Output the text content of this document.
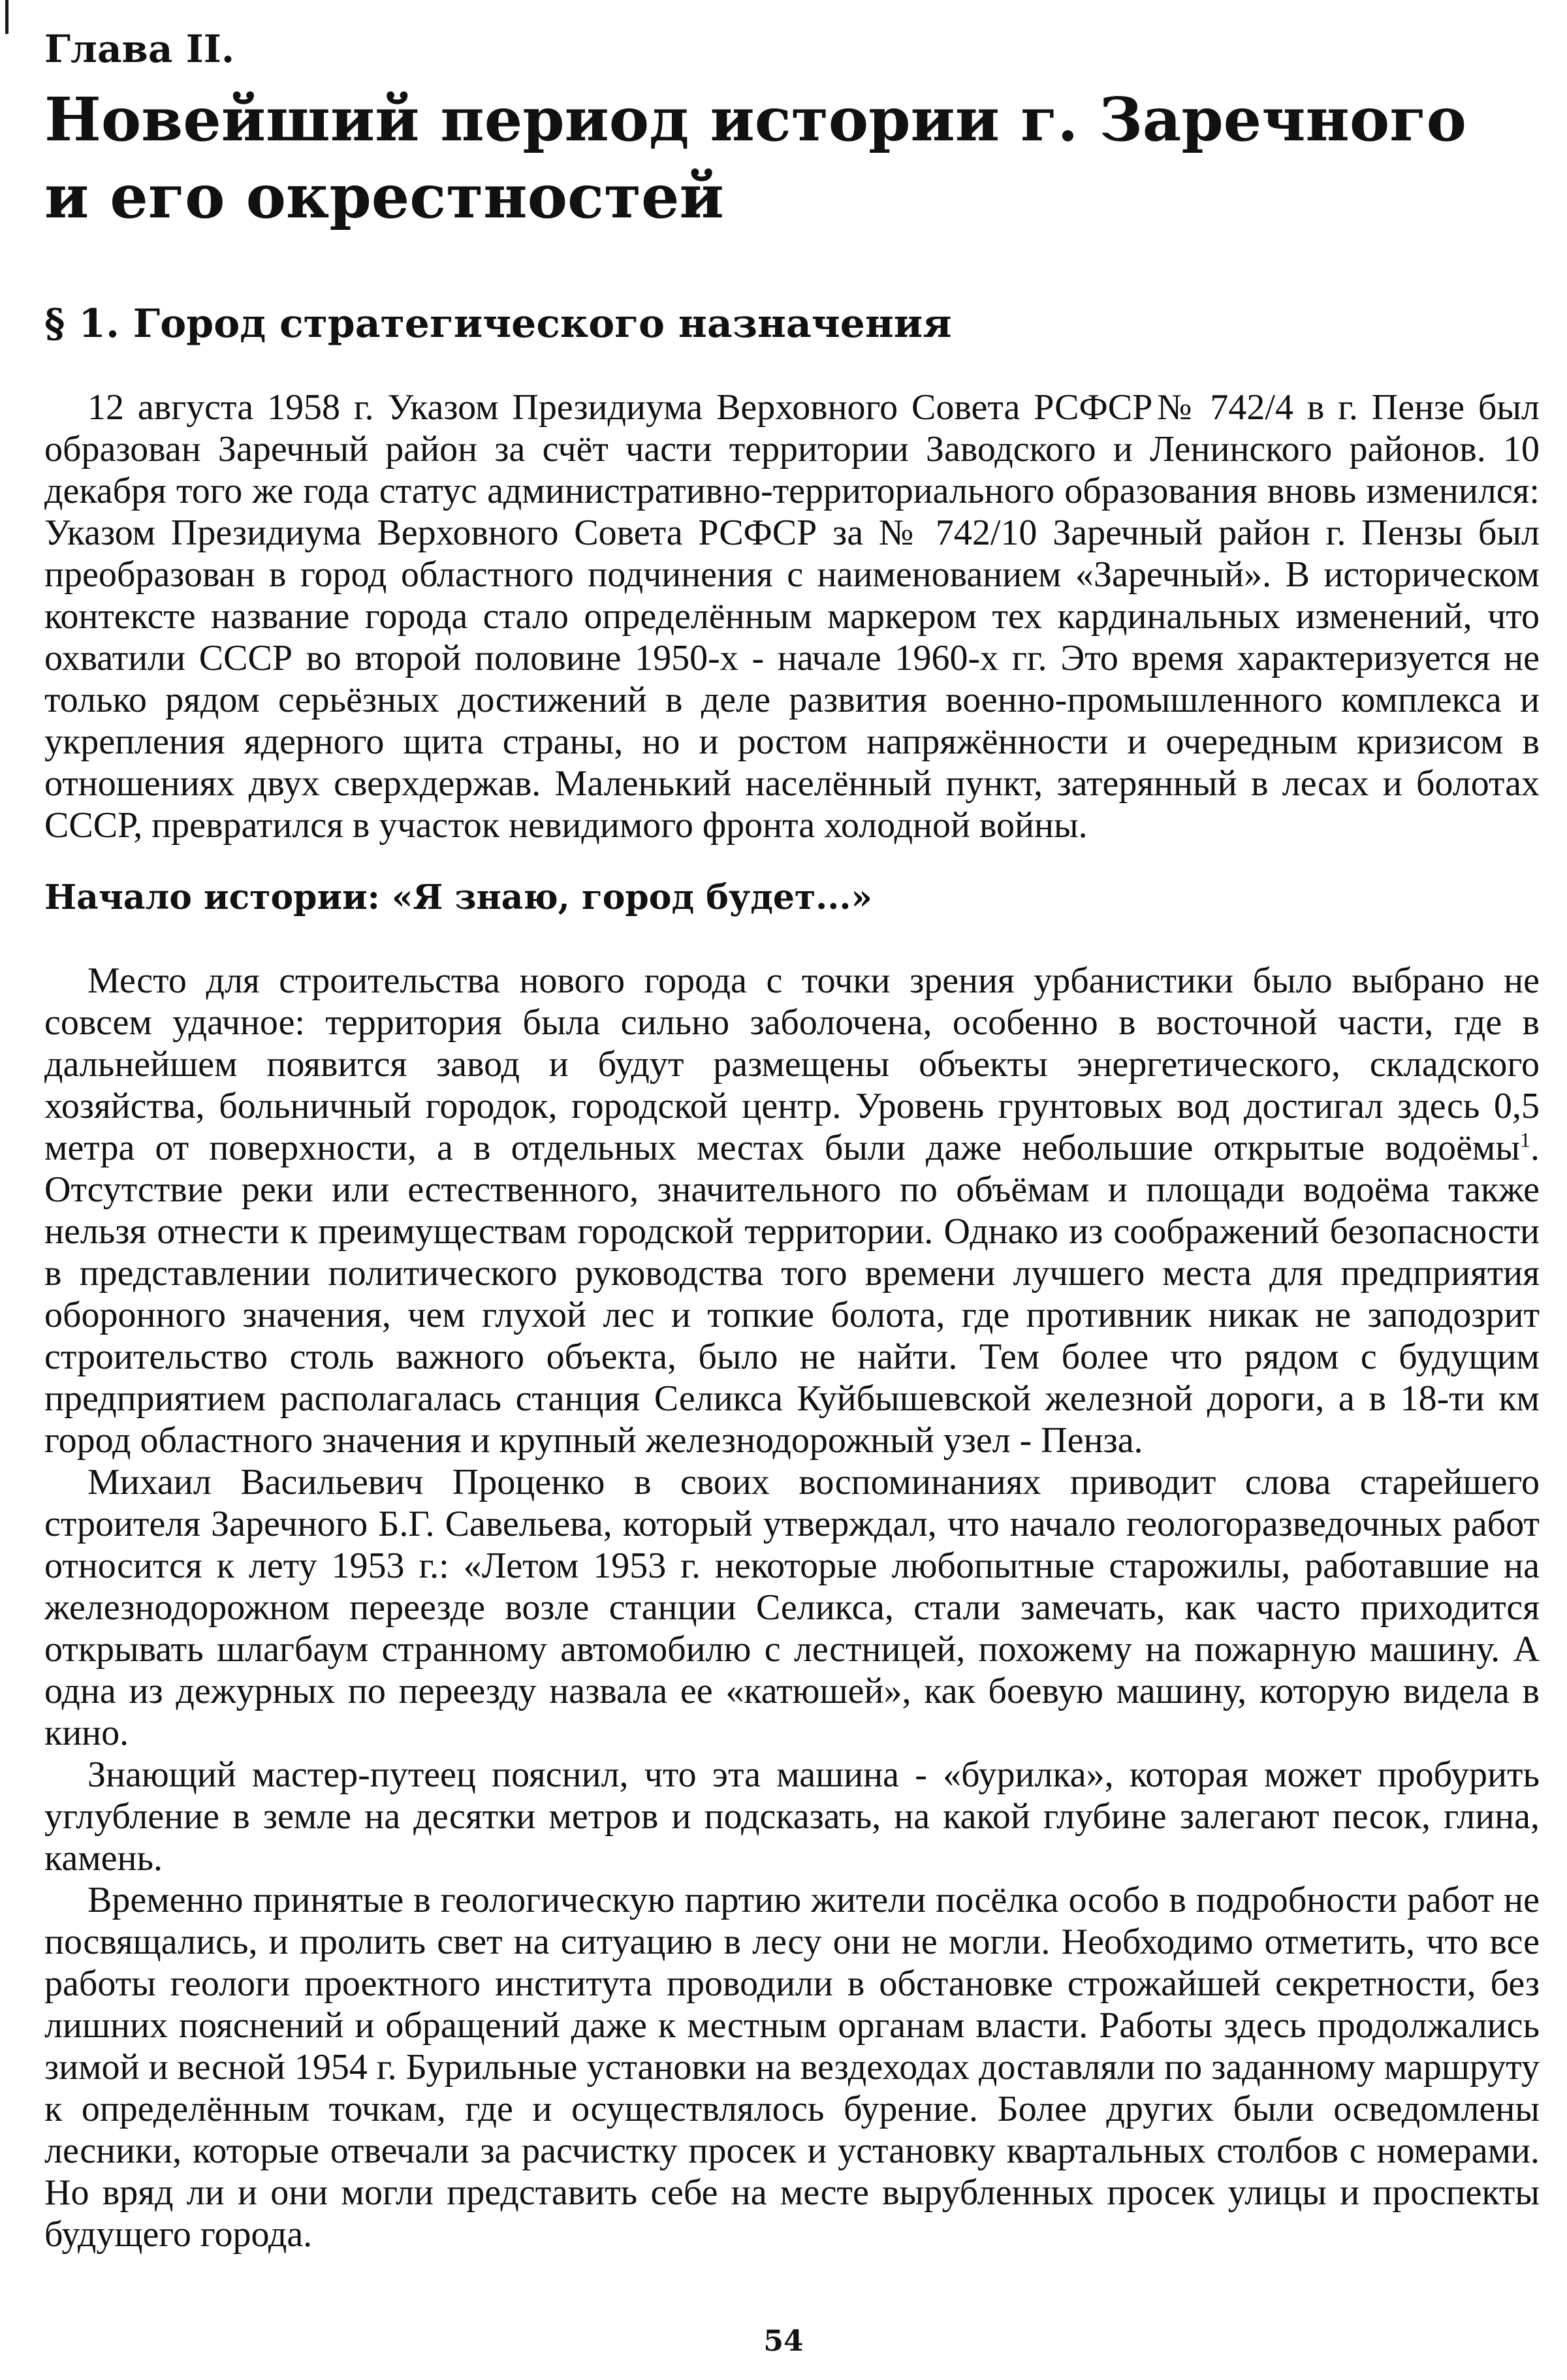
Глава II.
Новейший период истории г. Заречного
и его окрестностей
§ 1. Город стратегического назначения

12 августа 1958 г. Указом Президиума Верховного Совета РСФСР№ 742/4 в г. Пензе был образован Заречный район за счёт части территории Заводского и Ленинского районов. 10 декабря того же года статус административно-территориального образования вновь изменился: Указом Президиума Верховного Совета РСФСР за № 742/10 Заречный район г. Пензы был преобразован в город областного подчинения с наименованием «Заречный». В историческом контексте название города стало определённым маркером тех кардинальных изменений, что охватили СССР во второй половине 1950-х - начале 1960-х гг. Это время характеризуется не только рядом серьёзных достижений в деле развития военно-промышленного комплекса и укрепления ядерного щита страны, но и ростом напряжённости и очередным кризисом в отношениях двух сверхдержав. Маленький населённый пункт, затерянный в лесах и болотах СССР, превратился в участок невидимого фронта холодной войны.

Начало истории: «Я знаю, город будет...»

Место для строительства нового города с точки зрения урбанистики было выбрано не совсем удачное: территория была сильно заболочена, особенно в восточной части, где в дальнейшем появится завод и будут размещены объекты энергетического, складского хозяйства, больничный городок, городской центр. Уровень грунтовых вод достигал здесь 0,5 метра от поверхности, а в отдельных местах были даже небольшие открытые водоёмы$^1$. Отсутствие реки или естественного, значительного по объёмам и площади водоёма также нельзя отнести к преимуществам городской территории. Однако из соображений безопасности в представлении политического руководства того времени лучшего места для предприятия оборонного значения, чем глухой лес и топкие болота, где противник никак не заподозрит строительство столь важного объекта, было не найти. Тем более что рядом с будущим предприятием располагалась станция Селикса Куйбышевской железной дороги, а в 18-ти км город областного значения и крупный железнодорожный узел - Пенза.

Михаил Васильевич Проценко в своих воспоминаниях приводит слова старейшего строителя Заречного Б.Г. Савельева, который утверждал, что начало геологоразведочных работ относится к лету 1953 г.: «Летом 1953 г. некоторые любопытные старожилы, работавшие на железнодорожном переезде возле станции Селикса, стали замечать, как часто приходится открывать шлагбаум странному автомобилю с лестницей, похожему на пожарную машину. А одна из дежурных по переезду назвала ее «катюшей», как боевую машину, которую видела в кино.

Знающий мастер-путеец пояснил, что эта машина - «бурилка», которая может пробурить углубление в земле на десятки метров и подсказать, на какой глубине залегают песок, глина, камень.

Временно принятые в геологическую партию жители посёлка особо в подробности работ не посвящались, и пролить свет на ситуацию в лесу они не могли. Необходимо отметить, что все работы геологи проектного института проводили в обстановке строжайшей секретности, без лишних пояснений и обращений даже к местным органам власти. Работы здесь продолжались зимой и весной 1954 г. Бурильные установки на вездеходах доставляли по заданному маршруту к определённым точкам, где и осуществлялось бурение. Более других были осведомлены лесники, которые отвечали за расчистку просек и установку квартальных столбов с номерами. Но вряд ли и они могли представить себе на месте вырубленных просек улицы и проспекты будущего города.

54
